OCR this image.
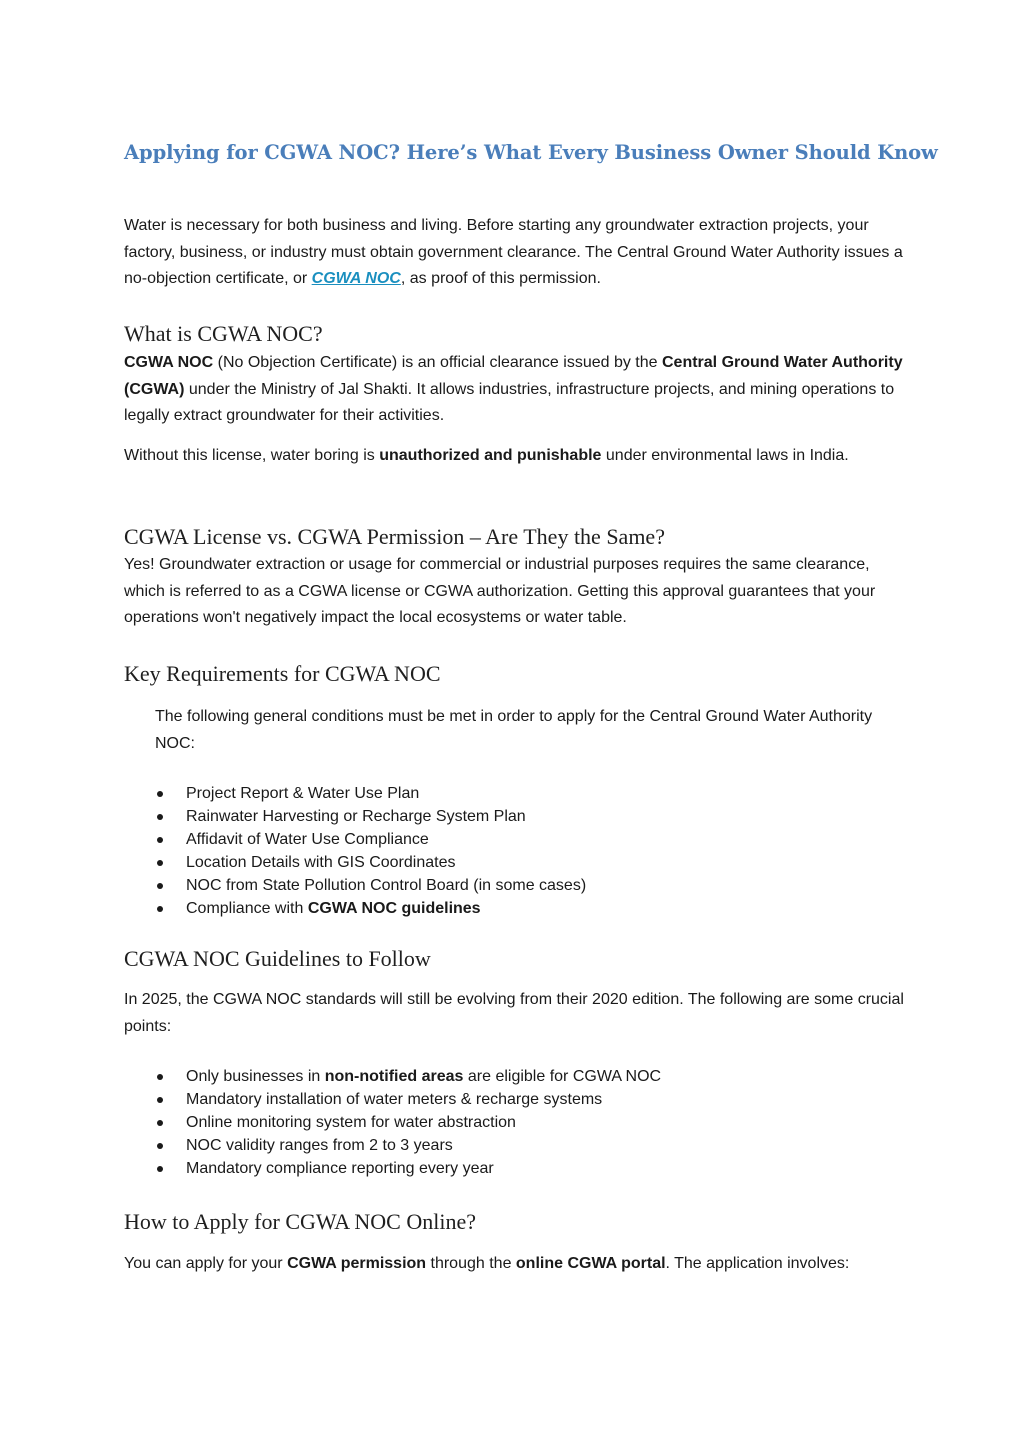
Applying for CGWA NOC? Here’s What Every Business Owner Should Know

Water is necessary for both business and living. Before starting any groundwater extraction projects, your factory, business, or industry must obtain government clearance. The Central Ground Water Authority issues a no-objection certificate, or CGWA NOC, as proof of this permission.

What is CGWA NOC?

CGWA NOC (No Objection Certificate) is an official clearance issued by the Central Ground Water Authority (CGWA) under the Ministry of Jal Shakti. It allows industries, infrastructure projects, and mining operations to legally extract groundwater for their activities.

Without this license, water boring is unauthorized and punishable under environmental laws in India.

CGWA License vs. CGWA Permission – Are They the Same?

Yes! Groundwater extraction or usage for commercial or industrial purposes requires the same clearance, which is referred to as a CGWA license or CGWA authorization. Getting this approval guarantees that your operations won't negatively impact the local ecosystems or water table.

Key Requirements for CGWA NOC

The following general conditions must be met in order to apply for the Central Ground Water Authority NOC:

Project Report & Water Use Plan
Rainwater Harvesting or Recharge System Plan
Affidavit of Water Use Compliance
Location Details with GIS Coordinates
NOC from State Pollution Control Board (in some cases)
Compliance with CGWA NOC guidelines
CGWA NOC Guidelines to Follow

In 2025, the CGWA NOC standards will still be evolving from their 2020 edition. The following are some crucial points:

Only businesses in non-notified areas are eligible for CGWA NOC
Mandatory installation of water meters & recharge systems
Online monitoring system for water abstraction
NOC validity ranges from 2 to 3 years
Mandatory compliance reporting every year
How to Apply for CGWA NOC Online?

You can apply for your CGWA permission through the online CGWA portal. The application involves:
